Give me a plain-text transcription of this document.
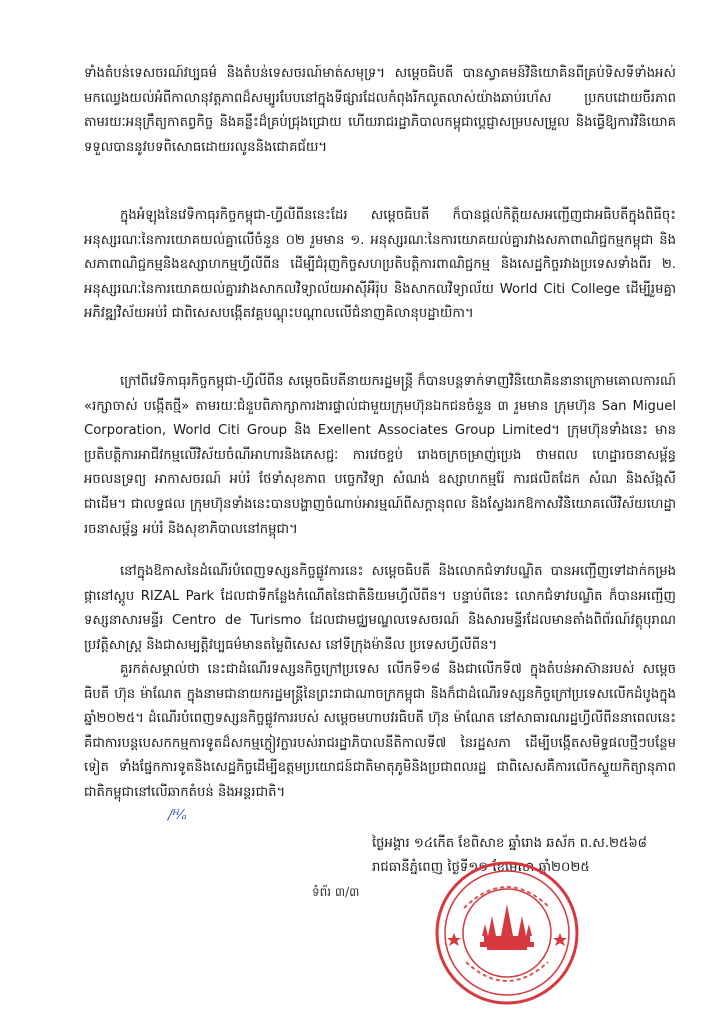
ទាំងតំបន់ទេសចរណ៍វប្បធម៌ និងតំបន់ទេសចរណ៍មាត់សមុទ្រ។ សម្តេចធិបតី បានស្វាគមន៍វិនិយោគិនពីគ្រប់ទិសទីទាំងអស់ មកឈ្វេងយល់អំពីកាលានុវត្តភាពដ៏សម្បូរបែបនៅក្នុងទីផ្សារដែលកំពុងរីកលូតលាស់យ៉ាងឆាប់រហ័ស ប្រកបដោយចីរភាព តាមរយៈអនុក្រឹត្យកាតព្វកិច្ច និងគន្លឹះដ៏គ្រប់ជ្រុងជ្រោយ ហើយរាជរដ្ឋាភិបាលកម្ពុជាប្តេជ្ញាសម្របសម្រួល និងធ្វើឱ្យការវិនិយោគទទួលបាននូវបទពិសោធដោយរលូននិងជោគជ័យ។

ក្នុងអំឡុងនៃវេទិកាធុរកិច្ចកម្ពុជា-ហ្វីលីពីននេះដែរ សម្តេចធិបតី ក៏បានផ្តល់កិត្តិយសអញ្ជើញជាអធិបតីក្នុងពិធីចុះអនុស្សរណៈនៃការយោគយល់គ្នាលើចំនួន ០២ រួមមាន ១. អនុស្សរណៈនៃការយោគយល់គ្នារវាងសភាពាណិជ្ជកម្មកម្ពុជា និងសភាពាណិជ្ជកម្មនិងឧស្សាហកម្មហ្វីលីពីន ដើម្បីជំរុញកិច្ចសហប្រតិបត្តិការពាណិជ្ជកម្ម និងសេដ្ឋកិច្ចរវាងប្រទេសទាំងពីរ ២. អនុស្សរណៈនៃការយោគយល់គ្នារវាងសាកលវិទ្យាល័យអាស៊ីអឺរ៉ុប និងសាកលវិទ្យាល័យ World Citi College ដើម្បីរួមគ្នាអភិវឌ្ឍវិស័យអប់រំ ជាពិសេសបង្កើតវគ្គបណ្តុះបណ្តាលលើជំនាញគិលានុបដ្ឋាយិកា។

ក្រៅពីវេទិកាធុរកិច្ចកម្ពុជា-ហ្វីលីពីន សម្តេចធិបតីនាយករដ្ឋមន្ត្រី ក៏បានបន្តទាក់ទាញវិនិយោគិននានាក្រោមគោលការណ៍ «រក្សាចាស់ បង្កើតថ្មី» តាមរយៈជំនួបពិភាក្សាការងារផ្ទាល់ជាមួយក្រុមហ៊ុនឯកជនចំនួន ៣ រួមមាន ក្រុមហ៊ុន San Miguel Corporation, World Citi Group និង Exellent Associates Group Limited។ ក្រុមហ៊ុនទាំងនេះ មានប្រតិបត្តិការអាជីវកម្មលើវិស័យចំណីអាហារនិងភេសជ្ជៈ ការវេចខ្ចប់ រោងចក្រចម្រាញ់ប្រេង ថាមពល ហេដ្ឋារចនាសម្ព័ន្ធ អចលនទ្រព្យ អាកាសចរណ៍ អប់រំ ថែទាំសុខភាព បច្ចេកវិទ្យា សំណង់ ឧស្សាហកម្មរ៉ែ ការផលិតដែក សំណ និងស័ង្កសី ជាដើម។ ជាលទ្ធផល ក្រុមហ៊ុនទាំងនេះបានបង្ហាញចំណាប់អារម្មណ៍ពីសក្តានុពល និងស្វែងរកឱកាសវិនិយោគលើវិស័យហេដ្ឋារចនាសម្ព័ន្ធ អប់រំ និងសុខាភិបាលនៅកម្ពុជា។

នៅក្នុងឱកាសនៃដំណើរបំពេញទស្សនកិច្ចផ្លូវការនេះ សម្តេចធិបតី និងលោកជំទាវបណ្ឌិត បានអញ្ជើញទៅដាក់កម្រងផ្កានៅស្តូប RIZAL Park ដែលជាទីកន្លែងកំណើតនៃជាតិនិយមហ្វីលីពីន។ បន្ទាប់ពីនេះ លោកជំទាវបណ្ឌិត ក៏បានអញ្ជើញទស្សនាសារមន្ទីរ Centro de Turismo ដែលជាមជ្ឈមណ្ឌលទេសចរណ៍ និងសារមន្ទីរដែលមានតាំងពិព័រណ៍វត្ថុបុរាណប្រវត្តិសាស្ត្រ និងជាសម្បត្តិវប្បធម៌មានតម្លៃពិសេស នៅទីក្រុងម៉ានីល ប្រទេសហ្វីលីពីន។

គួរកត់សម្គាល់ថា នេះជាដំណើរទស្សនកិច្ចក្រៅប្រទេស លើកទី១៨ និងជាលើកទី៧ ក្នុងតំបន់អាស៊ានរបស់ សម្តេចធិបតី ហ៊ុន ម៉ាណែត ក្នុងនាមជានាយករដ្ឋមន្ត្រីនៃព្រះរាជាណាចក្រកម្ពុជា និងក៏ជាដំណើរទស្សនកិច្ចក្រៅប្រទេសលើកដំបូងក្នុង ឆ្នាំ២០២៥។ ដំណើរបំពេញទស្សនកិច្ចផ្លូវការរបស់ សម្តេចមហាបវរធិបតី ហ៊ុន ម៉ាណែត នៅសាធារណរដ្ឋហ្វីលីពីននាពេលនេះ គឺជាការបន្តបេសកកម្មការទូតដ៏សកម្មក្លៀវក្លារបស់រាជរដ្ឋាភិបាលនីតិកាលទី៧ នៃរដ្ឋសភា ដើម្បីបង្កើតសមិទ្ធផលថ្មីៗបន្ថែមទៀត ទាំងផ្នែកការទូតនិងសេដ្ឋកិច្ចដើម្បីឧត្តមប្រយោជន៍ជាតិមាតុភូមិនិងប្រជាពលរដ្ឋ ជាពិសេសគឺការលើកស្ទួយកិត្យានុភាពជាតិកម្ពុជានៅលើឆាកតំបន់ និងអន្តរជាតិ។

/ᴴ⁄ₐ
ថ្ងៃអង្គារ ១៤កើត ខែពិសាខ ឆ្នាំរោង ឆស័ក ព.ស.២៥៦៨
រាជធានីភ្នំពេញ ថ្ងៃទី១១ ខែមេសា ឆ្នាំ២០២៥
ទំព័រ ៣/៣
